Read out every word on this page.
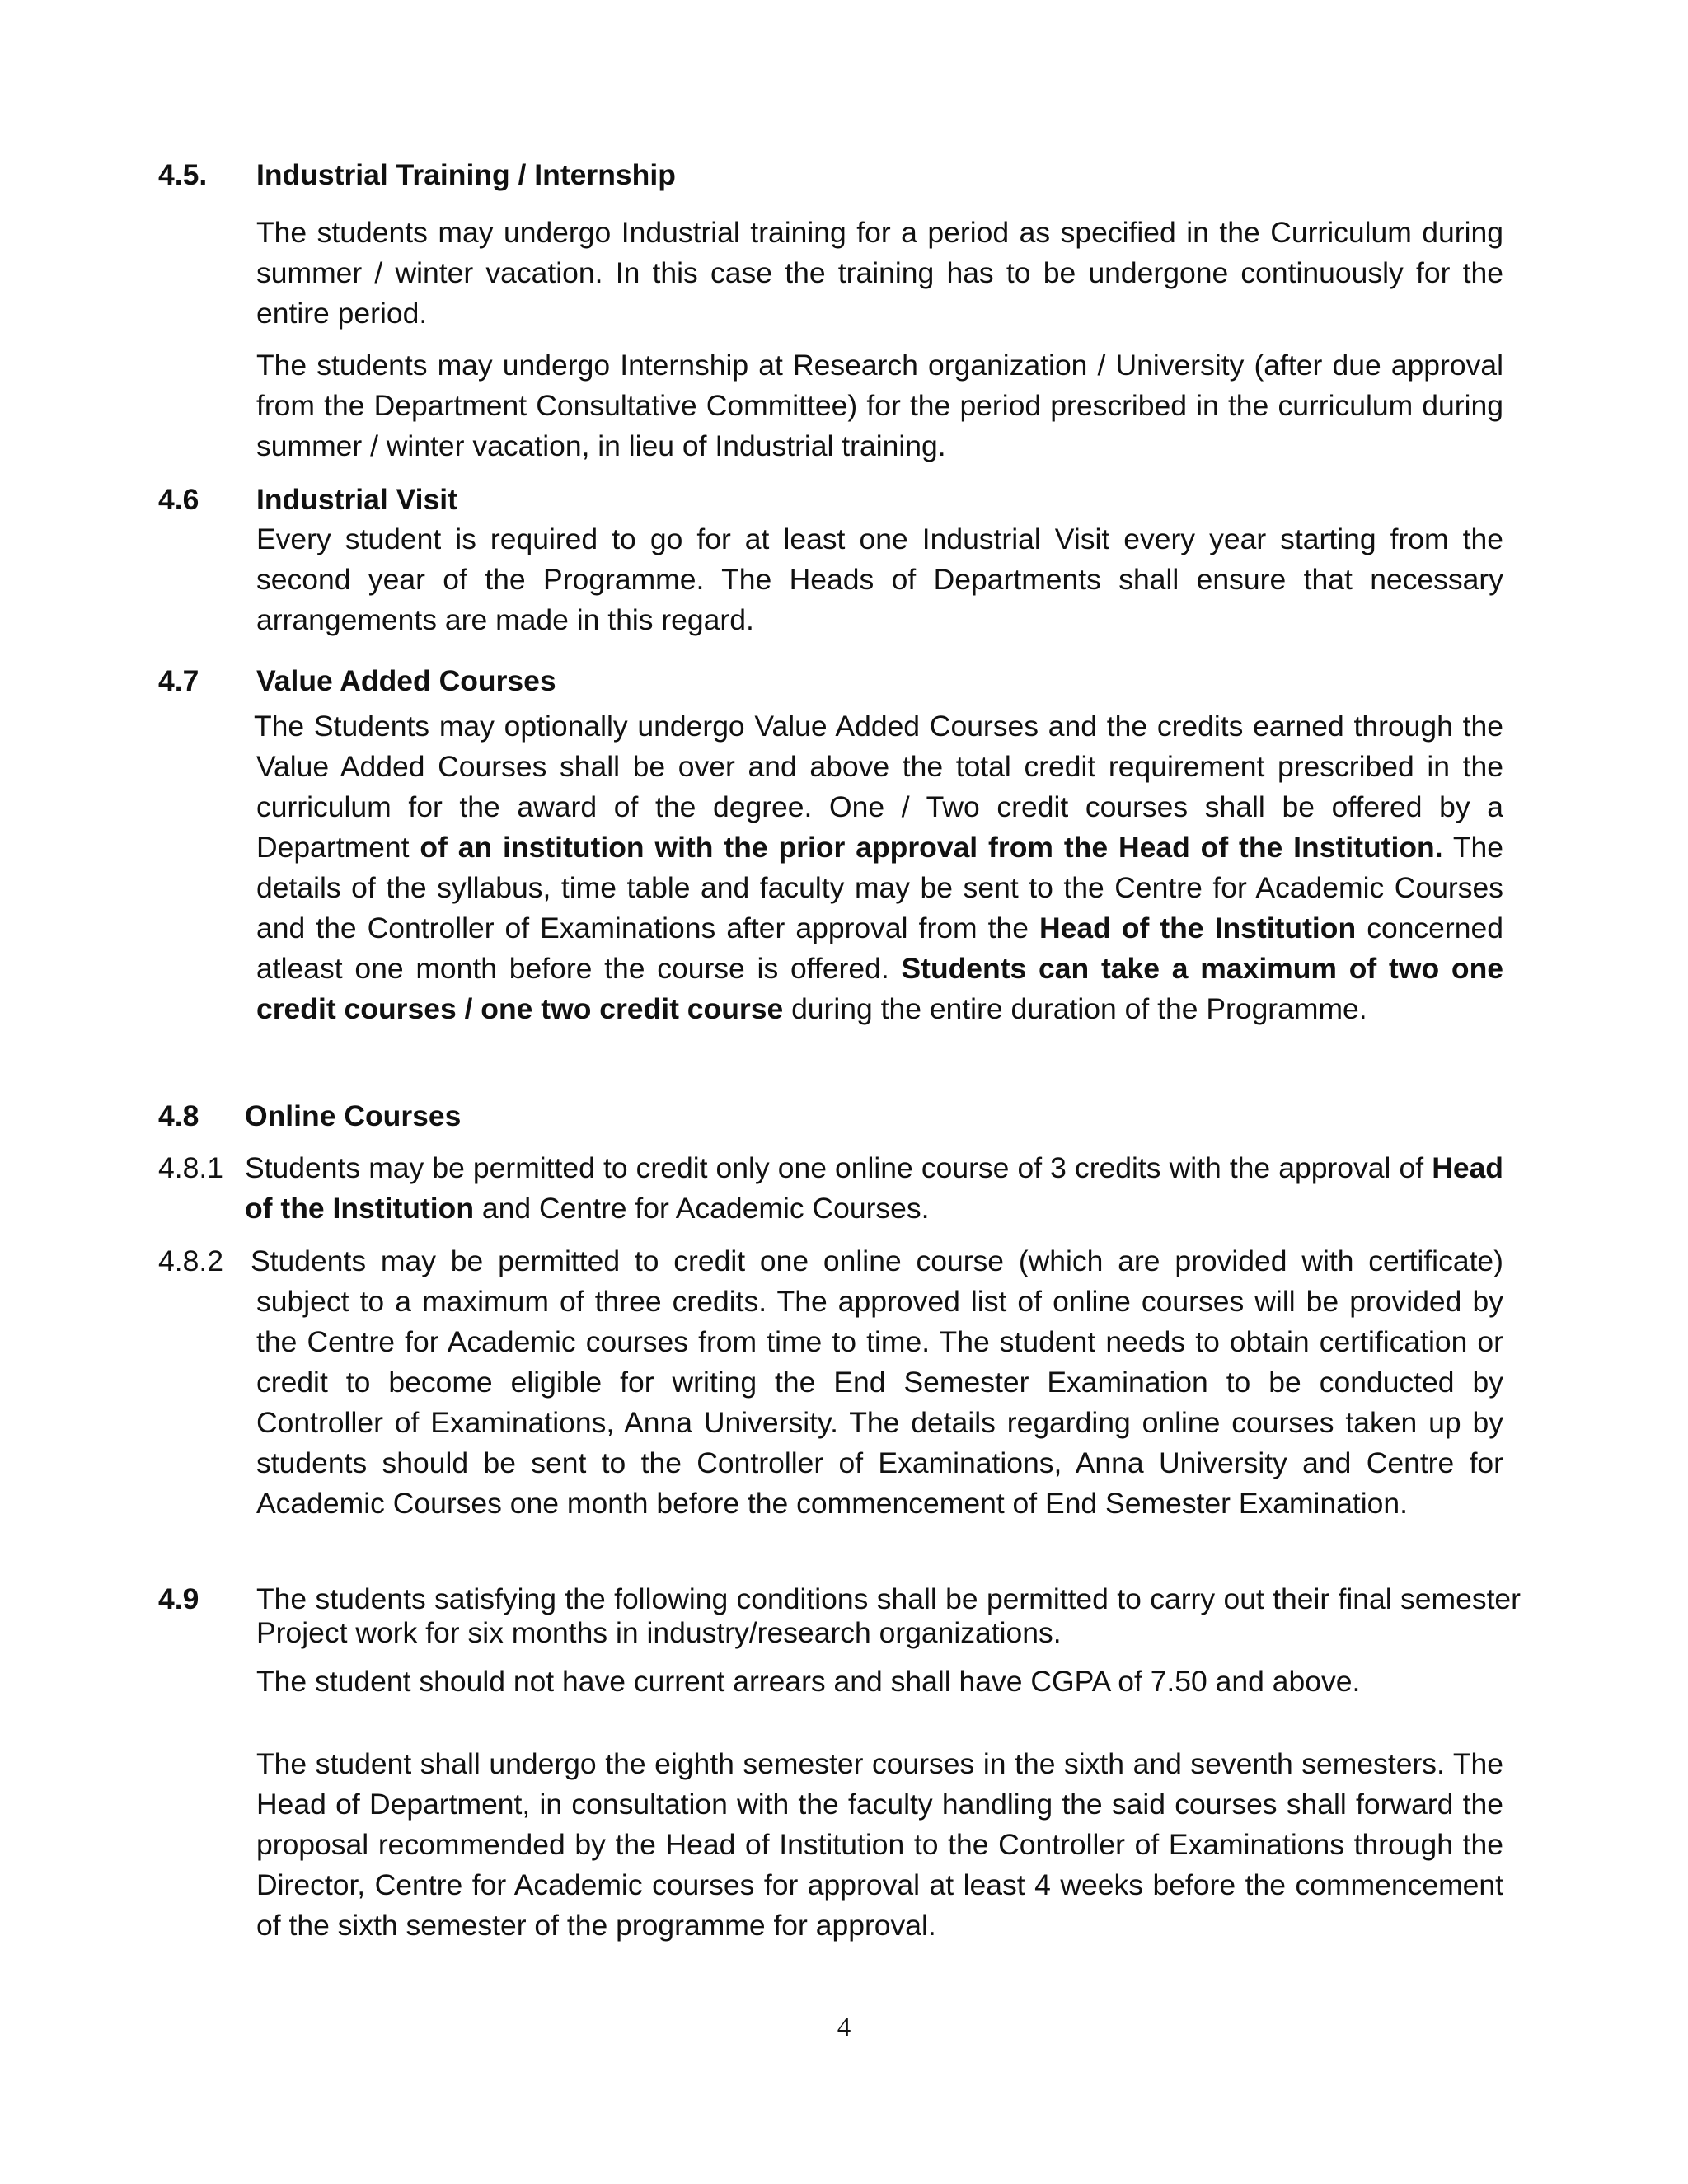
4.5. Industrial Training / Internship
The students may undergo Industrial training for a period as specified in the Curriculum during summer / winter vacation. In this case the training has to be undergone continuously for the entire period.
The students may undergo Internship at Research organization / University (after due approval from the Department Consultative Committee) for the period prescribed in the curriculum during summer / winter vacation, in lieu of Industrial training.
4.6 Industrial Visit
Every student is required to go for at least one Industrial Visit every year starting from the second year of the Programme. The Heads of Departments shall ensure that necessary arrangements are made in this regard.
4.7 Value Added Courses
The Students may optionally undergo Value Added Courses and the credits earned through the Value Added Courses shall be over and above the total credit requirement prescribed in the curriculum for the award of the degree. One / Two credit courses shall be offered by a Department of an institution with the prior approval from the Head of the Institution. The details of the syllabus, time table and faculty may be sent to the Centre for Academic Courses and the Controller of Examinations after approval from the Head of the Institution concerned atleast one month before the course is offered. Students can take a maximum of two one credit courses / one two credit course during the entire duration of the Programme.
4.8 Online Courses
4.8.1 Students may be permitted to credit only one online course of 3 credits with the approval of Head of the Institution and Centre for Academic Courses.
4.8.2 Students may be permitted to credit one online course (which are provided with certificate) subject to a maximum of three credits. The approved list of online courses will be provided by the Centre for Academic courses from time to time. The student needs to obtain certification or credit to become eligible for writing the End Semester Examination to be conducted by Controller of Examinations, Anna University. The details regarding online courses taken up by students should be sent to the Controller of Examinations, Anna University and Centre for Academic Courses one month before the commencement of End Semester Examination.
4.9 The students satisfying the following conditions shall be permitted to carry out their final semester Project work for six months in industry/research organizations.
The student should not have current arrears and shall have CGPA of 7.50 and above.
The student shall undergo the eighth semester courses in the sixth and seventh semesters. The Head of Department, in consultation with the faculty handling the said courses shall forward the proposal recommended by the Head of Institution to the Controller of Examinations through the Director, Centre for Academic courses for approval at least 4 weeks before the commencement of the sixth semester of the programme for approval.
4
